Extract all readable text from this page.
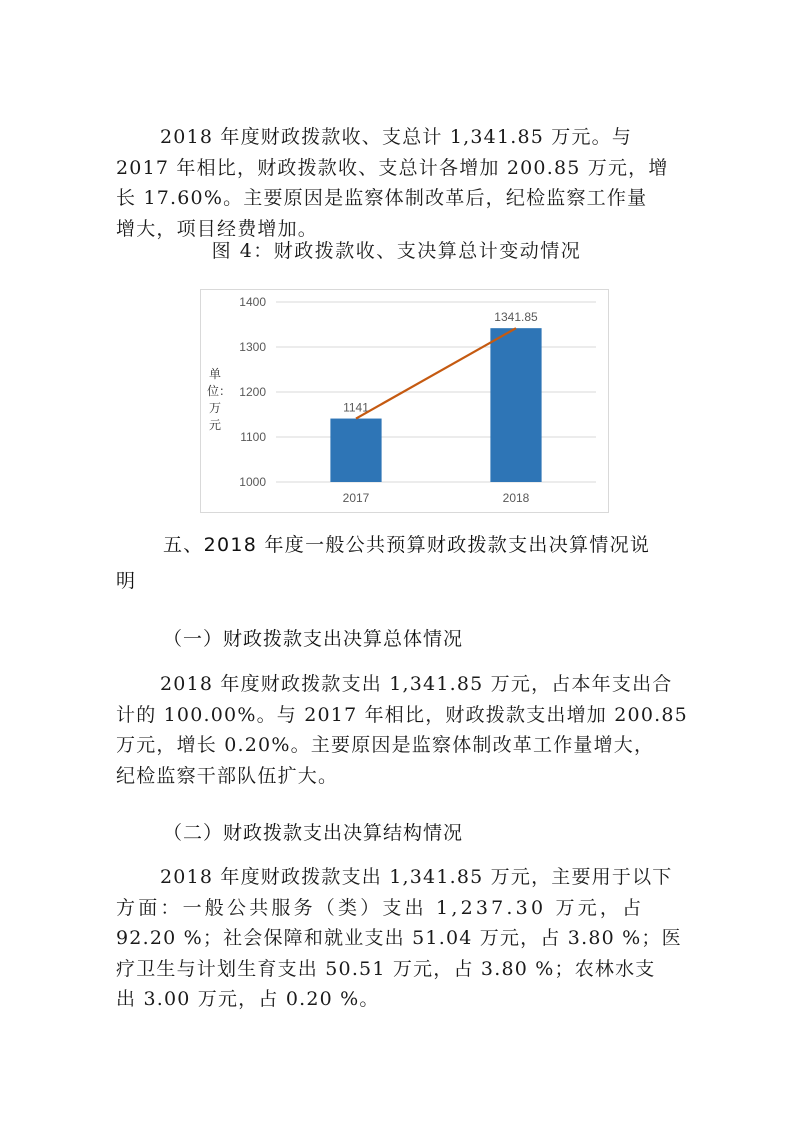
2018 年度财政拨款收、支总计 1,341.85 万元。与
2017 年相比，财政拨款收、支总计各增加 200.85 万元，增
长 17.60%。主要原因是监察体制改革后，纪检监察工作量
增大，项目经费增加。

图 4：财政拨款收、支决算总计变动情况

单位：万元
1000
1100
1200
1300
1400
1141
2017
1341.85
2018

五、2018 年度一般公共预算财政拨款支出决算情况说

明

（一）财政拨款支出决算总体情况

2018 年度财政拨款支出 1,341.85 万元，占本年支出合
计的 100.00%。与 2017 年相比，财政拨款支出增加 200.85
万元，增长 0.20%。主要原因是监察体制改革工作量增大，
纪检监察干部队伍扩大。

（二）财政拨款支出决算结构情况

2018 年度财政拨款支出 1,341.85 万元，主要用于以下
方面：一般公共服务（类）支出 1,237.30 万元，占
92.20 %；社会保障和就业支出 51.04 万元，占 3.80 %；医
疗卫生与计划生育支出 50.51 万元，占 3.80 %；农林水支
出 3.00 万元，占 0.20 %。
